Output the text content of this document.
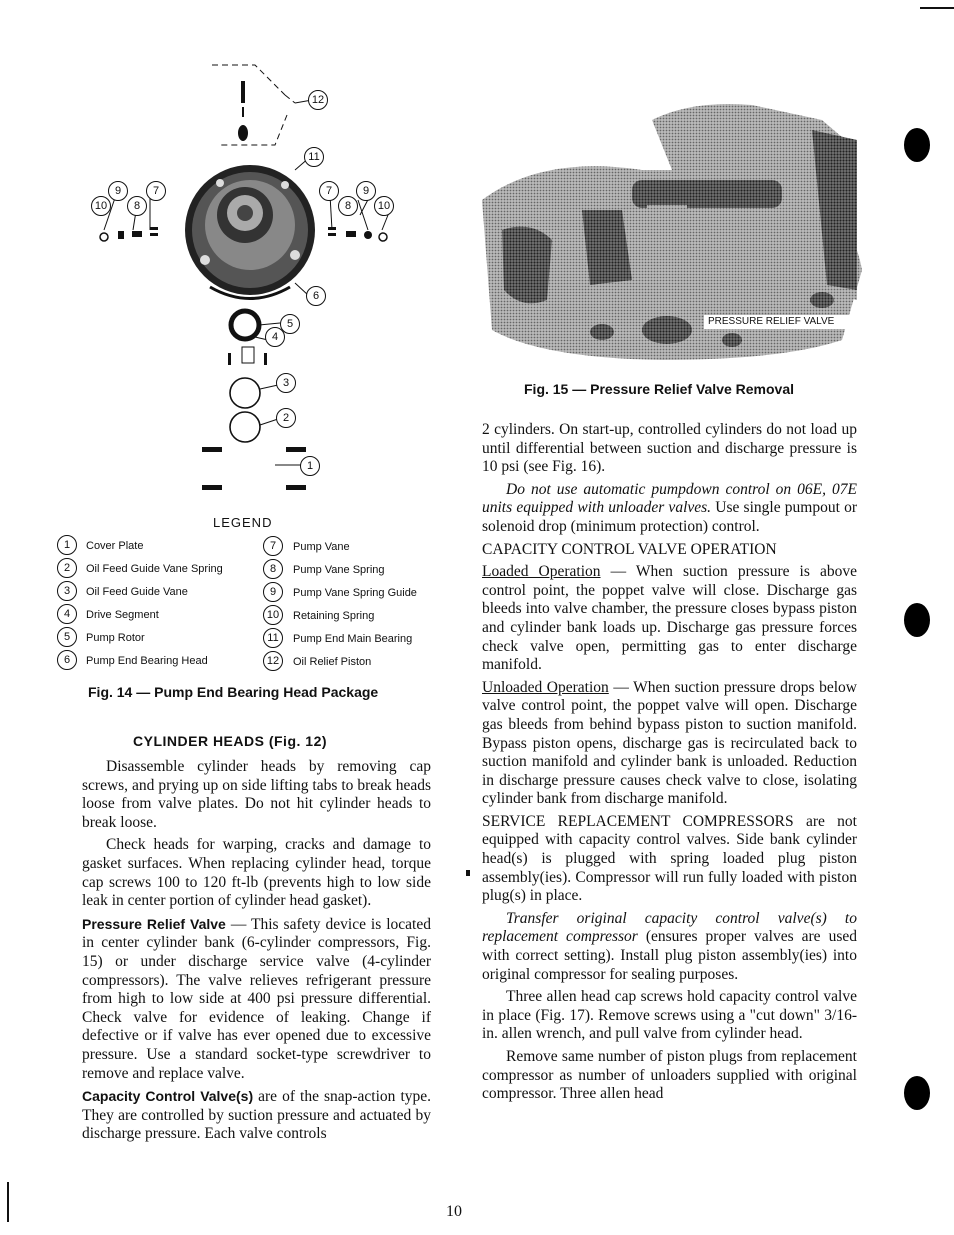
12
11
9	7
10	8
7	9
8	10
6
5
4
3
2
1
LEGEND
1	Cover Plate
2	Oil Feed Guide Vane Spring
3	Oil Feed Guide Vane
4	Drive Segment
5	Pump Rotor
6	Pump End Bearing Head
7	Pump Vane
8	Pump Vane Spring
9	Pump Vane Spring Guide
10	Retaining Spring
11	Pump End Main Bearing
12	Oil Relief Piston
Fig. 14 — Pump End Bearing Head Package
PRESSURE RELIEF VALVE
Fig. 15 — Pressure Relief Valve Removal
CYLINDER HEADS (Fig. 12)

Disassemble cylinder heads by removing cap screws, and prying up on side lifting tabs to break heads loose from valve plates. Do not hit cylinder heads to break loose.

Check heads for warping, cracks and damage to gasket surfaces. When replacing cylinder head, torque cap screws 100 to 120 ft-lb (prevents high to low side leak in center portion of cylinder head gasket).

Pressure Relief Valve — This safety device is located in center cylinder bank (6-cylinder compressors, Fig. 15) or under discharge service valve (4-cylinder compressors). The valve relieves refrigerant pressure from high to low side at 400 psi pressure differential. Check valve for evidence of leaking. Change if defective or if valve has ever opened due to excessive pressure. Use a standard socket-type screwdriver to remove and replace valve.

Capacity Control Valve(s) are of the snap-action type. They are controlled by suction pressure and actuated by discharge pressure. Each valve controls

2 cylinders. On start-up, controlled cylinders do not load up until differential between suction and discharge pressure is 10 psi (see Fig. 16).

Do not use automatic pumpdown control on 06E, 07E units equipped with unloader valves. Use single pumpout or solenoid drop (minimum protection) control.

CAPACITY CONTROL VALVE OPERATION

Loaded Operation — When suction pressure is above control point, the poppet valve will close. Discharge gas bleeds into valve chamber, the pressure closes bypass piston and cylinder bank loads up. Discharge gas pressure forces check valve open, permitting gas to enter discharge manifold.

Unloaded Operation — When suction pressure drops below valve control point, the poppet valve will open. Discharge gas bleeds from behind bypass piston to suction manifold. Bypass piston opens, discharge gas is recirculated back to suction manifold and cylinder bank is unloaded. Reduction in discharge pressure causes check valve to close, isolating cylinder bank from discharge manifold.

SERVICE REPLACEMENT COMPRESSORS are not equipped with capacity control valves. Side bank cylinder head(s) is plugged with spring loaded plug piston assembly(ies). Compressor will run fully loaded with piston plug(s) in place.

Transfer original capacity control valve(s) to replacement compressor (ensures proper valves are used with correct setting). Install plug piston assembly(ies) into original compressor for sealing purposes.

Three allen head cap screws hold capacity control valve in place (Fig. 17). Remove screws using a "cut down" 3/16-in. allen wrench, and pull valve from cylinder head.

Remove same number of piston plugs from replacement compressor as number of unloaders supplied with original compressor. Three allen head

10
